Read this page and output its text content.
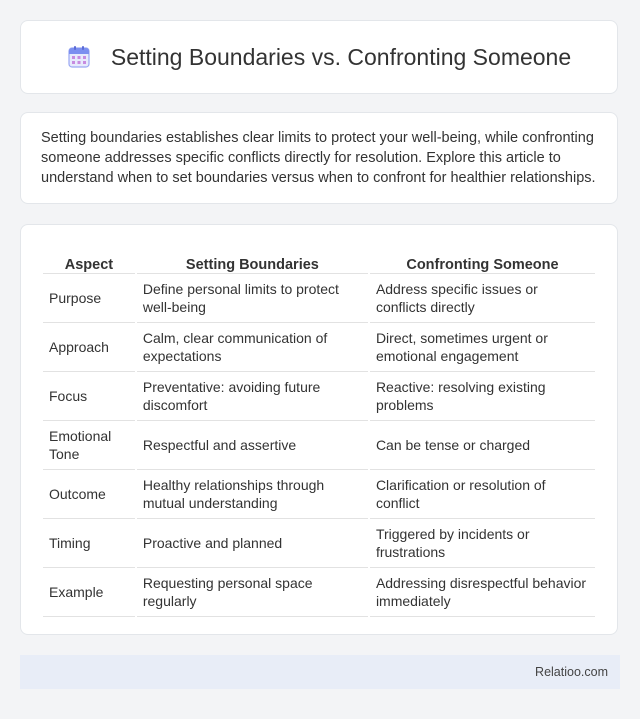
Setting Boundaries vs. Confronting Someone

Setting boundaries establishes clear limits to protect your well-being, while confronting someone addresses specific conflicts directly for resolution. Explore this article to understand when to set boundaries versus when to confront for healthier relationships.

Aspect	Setting Boundaries	Confronting Someone
Purpose	Define personal limits to protect well-being	Address specific issues or conflicts directly
Approach	Calm, clear communication of expectations	Direct, sometimes urgent or emotional engagement
Focus	Preventative: avoiding future discomfort	Reactive: resolving existing problems
Emotional Tone	Respectful and assertive	Can be tense or charged
Outcome	Healthy relationships through mutual understanding	Clarification or resolution of conflict
Timing	Proactive and planned	Triggered by incidents or frustrations
Example	Requesting personal space regularly	Addressing disrespectful behavior immediately
Relatioo.com
